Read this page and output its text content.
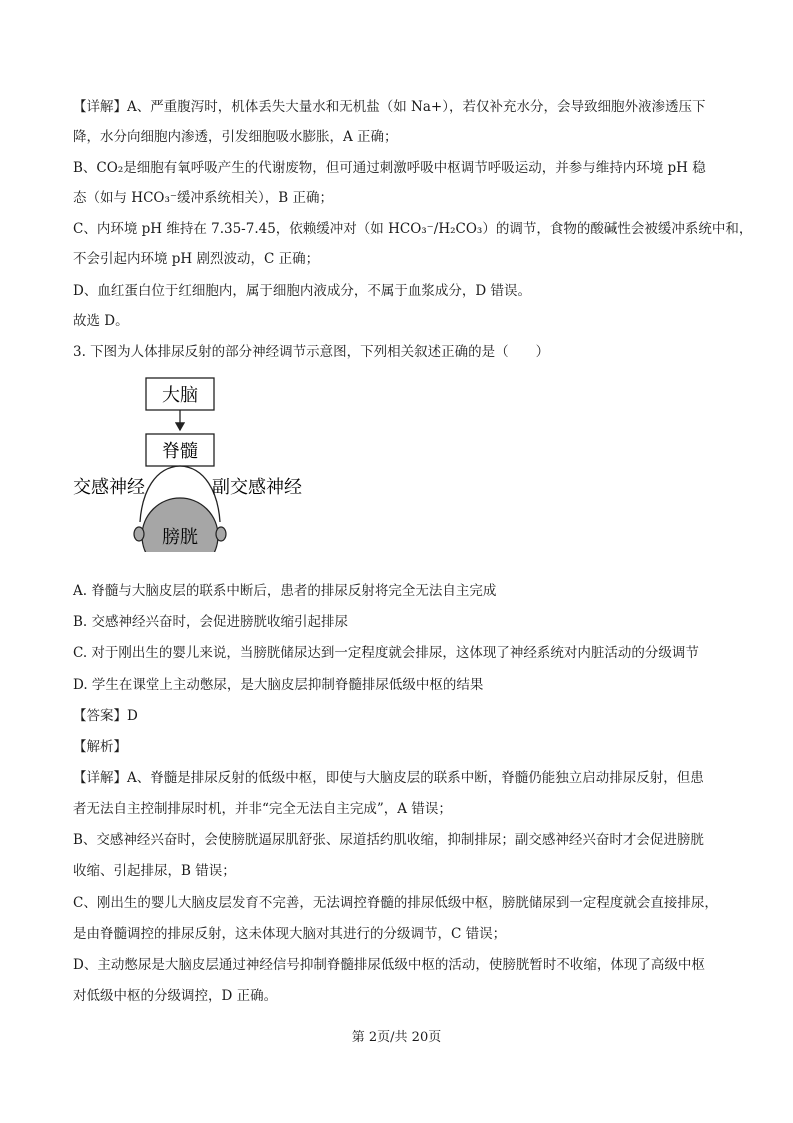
【详解】A、严重腹泻时，机体丢失大量水和无机盐（如 Na+），若仅补充水分，会导致细胞外液渗透压下
降，水分向细胞内渗透，引发细胞吸水膨胀，A 正确；
B、CO₂是细胞有氧呼吸产生的代谢废物，但可通过刺激呼吸中枢调节呼吸运动，并参与维持内环境 pH 稳
态（如与 HCO₃⁻缓冲系统相关），B 正确；
C、内环境 pH 维持在 7.35-7.45，依赖缓冲对（如 HCO₃⁻/H₂CO₃）的调节，食物的酸碱性会被缓冲系统中和，
不会引起内环境 pH 剧烈波动，C 正确；
D、血红蛋白位于红细胞内，属于细胞内液成分，不属于血浆成分，D 错误。
故选 D。
3. 下图为人体排尿反射的部分神经调节示意图，下列相关叙述正确的是（　　）
大脑
脊髓
膀胱
交感神经	副交感神经
A. 脊髓与大脑皮层的联系中断后，患者的排尿反射将完全无法自主完成
B. 交感神经兴奋时，会促进膀胱收缩引起排尿
C. 对于刚出生的婴儿来说，当膀胱储尿达到一定程度就会排尿，这体现了神经系统对内脏活动的分级调节
D. 学生在课堂上主动憋尿，是大脑皮层抑制脊髓排尿低级中枢的结果
【答案】D
【解析】
【详解】A、脊髓是排尿反射的低级中枢，即使与大脑皮层的联系中断，脊髓仍能独立启动排尿反射，但患
者无法自主控制排尿时机，并非“完全无法自主完成”，A 错误；
B、交感神经兴奋时，会使膀胱逼尿肌舒张、尿道括约肌收缩，抑制排尿；副交感神经兴奋时才会促进膀胱
收缩、引起排尿，B 错误；
C、刚出生的婴儿大脑皮层发育不完善，无法调控脊髓的排尿低级中枢，膀胱储尿到一定程度就会直接排尿，
是由脊髓调控的排尿反射，这未体现大脑对其进行的分级调节，C 错误；
D、主动憋尿是大脑皮层通过神经信号抑制脊髓排尿低级中枢的活动，使膀胱暂时不收缩，体现了高级中枢
对低级中枢的分级调控，D 正确。
第 2页/共 20页
